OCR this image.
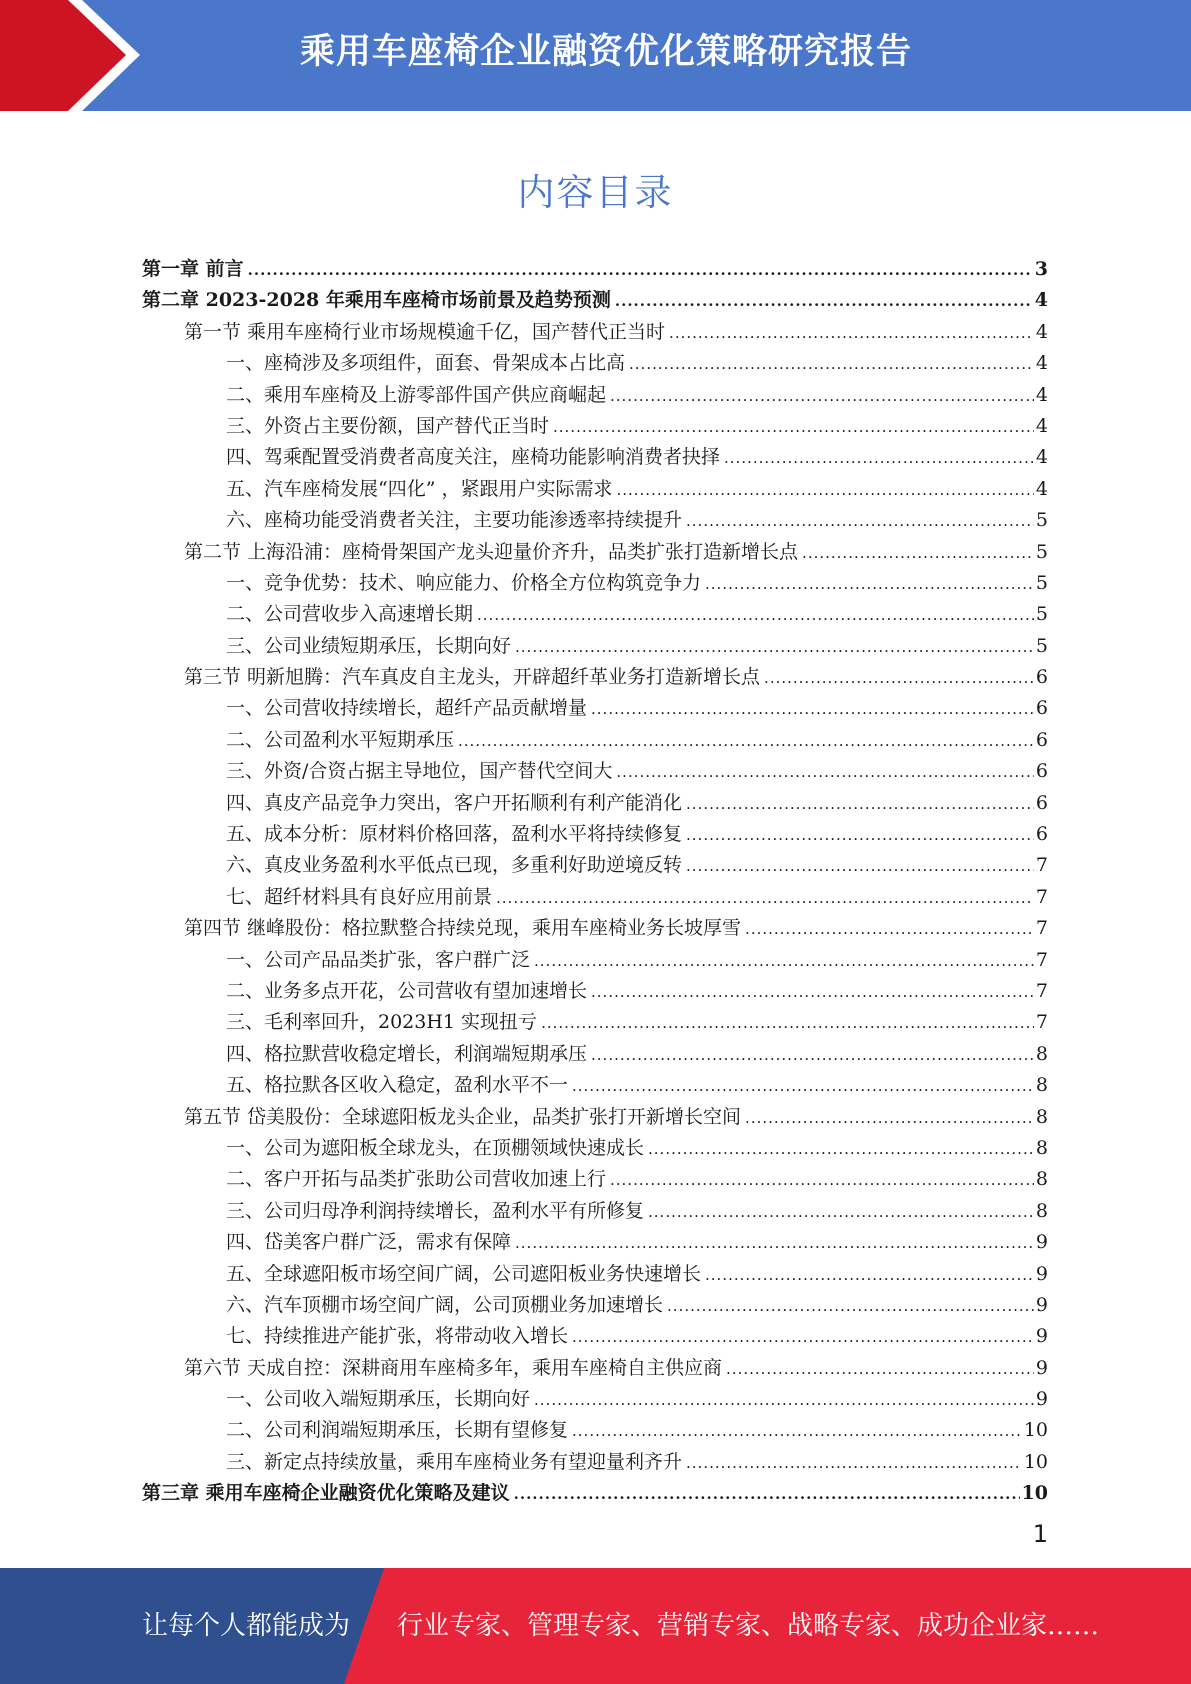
乘用车座椅企业融资优化策略研究报告
内容目录
第一章 前言 .....	3
第二章 2023-2028 年乘用车座椅市场前景及趋势预测 .....	4
第一节 乘用车座椅行业市场规模逾千亿，国产替代正当时 .....	4
一、座椅涉及多项组件，面套、骨架成本占比高 .....	4
二、乘用车座椅及上游零部件国产供应商崛起 .....	4
三、外资占主要份额，国产替代正当时 .....	4
四、驾乘配置受消费者高度关注，座椅功能影响消费者抉择 .....	4
五、汽车座椅发展“四化” ，紧跟用户实际需求 .....	4
六、座椅功能受消费者关注，主要功能渗透率持续提升 .....	5
第二节 上海沿浦：座椅骨架国产龙头迎量价齐升，品类扩张打造新增长点 .....	5
一、竞争优势：技术、响应能力、价格全方位构筑竞争力 .....	5
二、公司营收步入高速增长期 .....	5
三、公司业绩短期承压，长期向好 .....	5
第三节 明新旭腾：汽车真皮自主龙头，开辟超纤革业务打造新增长点 .....	6
一、公司营收持续增长，超纤产品贡献增量 .....	6
二、公司盈利水平短期承压 .....	6
三、外资/合资占据主导地位，国产替代空间大 .....	6
四、真皮产品竞争力突出，客户开拓顺利有利产能消化 .....	6
五、成本分析：原材料价格回落，盈利水平将持续修复 .....	6
六、真皮业务盈利水平低点已现，多重利好助逆境反转 .....	7
七、超纤材料具有良好应用前景 .....	7
第四节 继峰股份：格拉默整合持续兑现，乘用车座椅业务长坡厚雪 .....	7
一、公司产品品类扩张，客户群广泛 .....	7
二、业务多点开花，公司营收有望加速增长 .....	7
三、毛利率回升，2023H1 实现扭亏 .....	7
四、格拉默营收稳定增长，利润端短期承压 .....	8
五、格拉默各区收入稳定，盈利水平不一 .....	8
第五节 岱美股份：全球遮阳板龙头企业，品类扩张打开新增长空间 .....	8
一、公司为遮阳板全球龙头，在顶棚领域快速成长 .....	8
二、客户开拓与品类扩张助公司营收加速上行 .....	8
三、公司归母净利润持续增长，盈利水平有所修复 .....	8
四、岱美客户群广泛，需求有保障 .....	9
五、全球遮阳板市场空间广阔，公司遮阳板业务快速增长 .....	9
六、汽车顶棚市场空间广阔，公司顶棚业务加速增长 .....	9
七、持续推进产能扩张，将带动收入增长 .....	9
第六节 天成自控：深耕商用车座椅多年，乘用车座椅自主供应商 .....	9
一、公司收入端短期承压，长期向好 .....	9
二、公司利润端短期承压，长期有望修复 .....	10
三、新定点持续放量，乘用车座椅业务有望迎量利齐升 .....	10
第三章 乘用车座椅企业融资优化策略及建议 .....	10
1
让每个人都能成为 行业专家、管理专家、营销专家、战略专家、成功企业家……
